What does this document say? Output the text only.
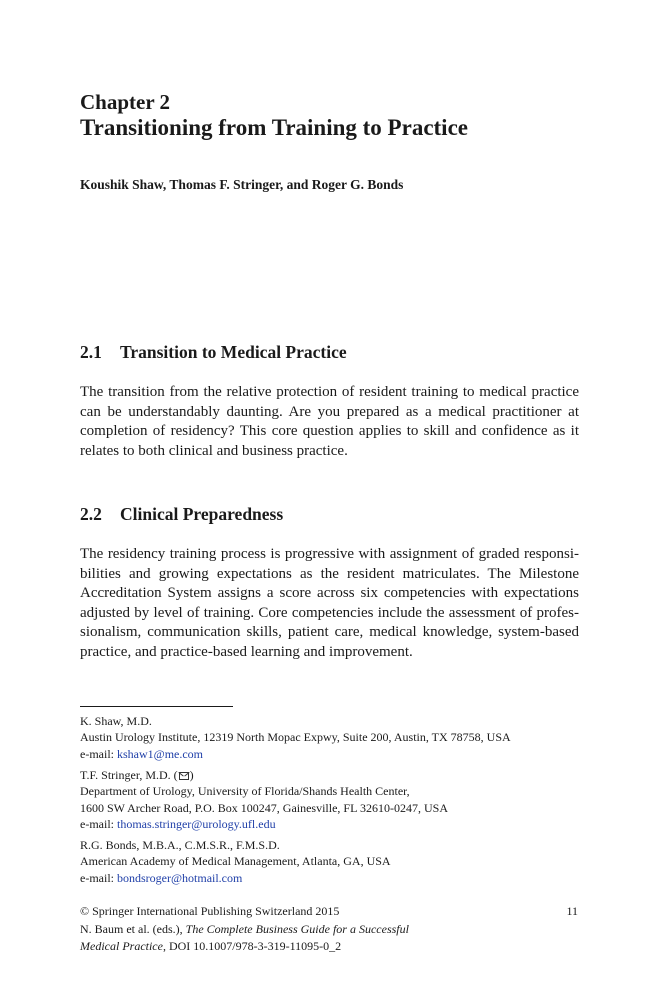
Chapter 2
Transitioning from Training to Practice
Koushik Shaw, Thomas F. Stringer, and Roger G. Bonds
2.1 Transition to Medical Practice
The transition from the relative protection of resident training to medical practice can be understandably daunting. Are you prepared as a medical practitioner at completion of residency? This core question applies to skill and confidence as it relates to both clinical and business practice.
2.2 Clinical Preparedness
The residency training process is progressive with assignment of graded responsibilities and growing expectations as the resident matriculates. The Milestone Accreditation System assigns a score across six competencies with expectations adjusted by level of training. Core competencies include the assessment of professionalism, communication skills, patient care, medical knowledge, system-based practice, and practice-based learning and improvement.
K. Shaw, M.D.
Austin Urology Institute, 12319 North Mopac Expwy, Suite 200, Austin, TX 78758, USA
e-mail: kshaw1@me.com
T.F. Stringer, M.D. ( )
Department of Urology, University of Florida/Shands Health Center,
1600 SW Archer Road, P.O. Box 100247, Gainesville, FL 32610-0247, USA
e-mail: thomas.stringer@urology.ufl.edu
R.G. Bonds, M.B.A., C.M.S.R., F.M.S.D.
American Academy of Medical Management, Atlanta, GA, USA
e-mail: bondsroger@hotmail.com
© Springer International Publishing Switzerland 2015
N. Baum et al. (eds.), The Complete Business Guide for a Successful
Medical Practice, DOI 10.1007/978-3-319-11095-0_2
11
